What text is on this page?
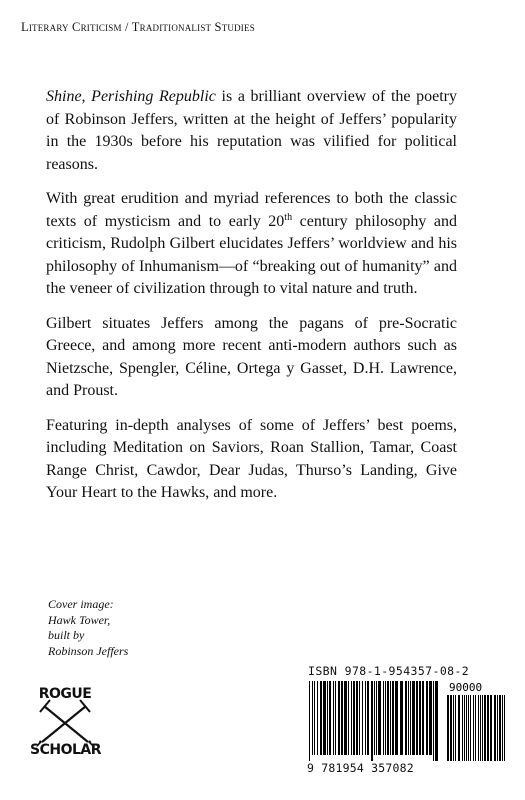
Literary Criticism / Traditionalist Studies

Shine, Perishing Republic is a brilliant overview of the poetry of Robinson Jeffers, written at the height of Jeffers’ popularity in the 1930s before his reputation was vilified for political reasons.

With great erudition and myriad references to both the classic texts of mysticism and to early 20th century philosophy and criticism, Rudolph Gilbert elucidates Jeffers’ worldview and his philosophy of Inhumanism—of “breaking out of humanity” and the veneer of civilization through to vital nature and truth.

Gilbert situates Jeffers among the pagans of pre-Socratic Greece, and among more recent anti-modern authors such as Nietzsche, Spengler, Céline, Ortega y Gasset, D.H. Lawrence, and Proust.

Featuring in-depth analyses of some of Jeffers’ best poems, including Meditation on Saviors, Roan Stallion, Tamar, Coast Range Christ, Cawdor, Dear Judas, Thurso’s Landing, Give Your Heart to the Hawks, and more.

Cover image:
Hawk Tower,
built by
Robinson Jeffers
ROGUE
SCHOLAR
ISBN 978-1-954357-08-2
90000
9 781954 357082
